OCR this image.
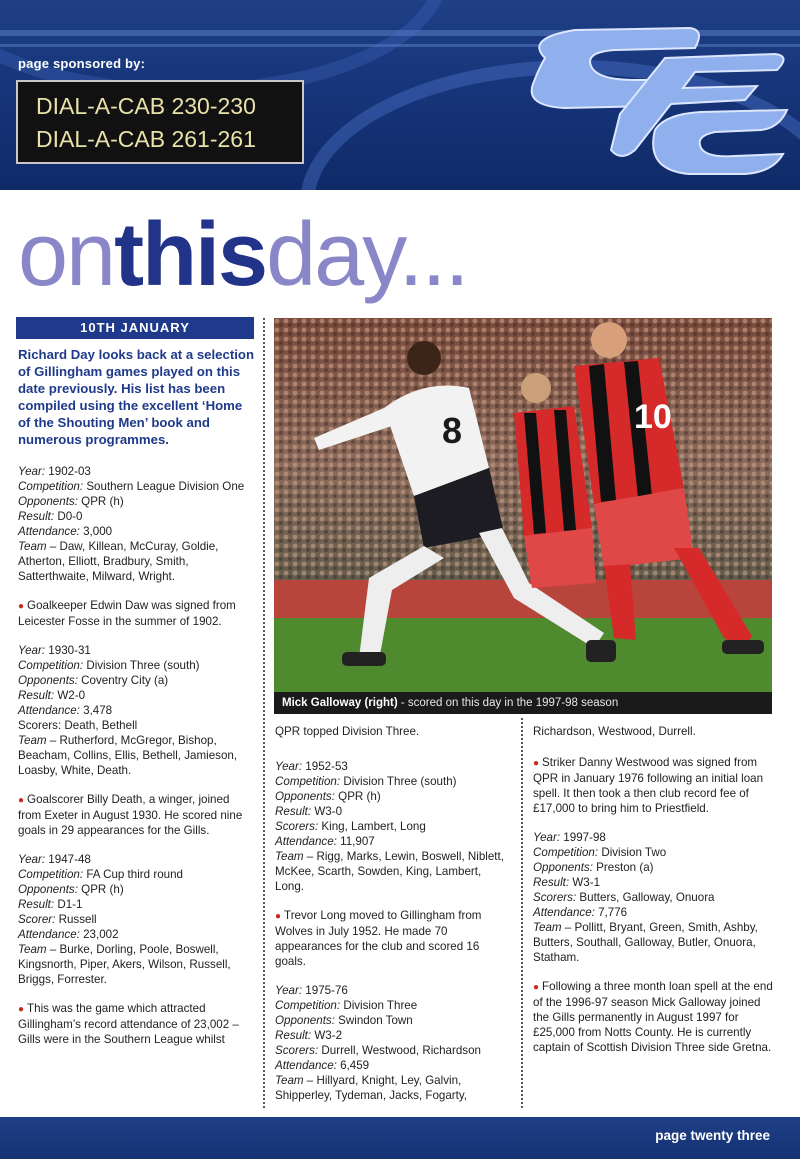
page sponsored by:
DIAL-A-CAB 230-230
DIAL-A-CAB 261-261
onthisday...
10TH JANUARY

Richard Day looks back at a selection of Gillingham games played on this date previously. His list has been compiled using the excellent ‘Home of the Shouting Men’ book and numerous programmes.

Year: 1902-03
Competition: Southern League Division One
Opponents: QPR (h)
Result: D0-0
Attendance: 3,000
Team – Daw, Killean, McCuray, Goldie, Atherton, Elliott, Bradbury, Smith, Satterthwaite, Milward, Wright.

● Goalkeeper Edwin Daw was signed from Leicester Fosse in the summer of 1902.

Year: 1930-31
Competition: Division Three (south)
Opponents: Coventry City (a)
Result: W2-0
Attendance: 3,478
Scorers: Death, Bethell
Team – Rutherford, McGregor, Bishop, Beacham, Collins, Ellis, Bethell, Jamieson, Loasby, White, Death.

● Goalscorer Billy Death, a winger, joined from Exeter in August 1930. He scored nine goals in 29 appearances for the Gills.

Year: 1947-48
Competition: FA Cup third round
Opponents: QPR (h)
Result: D1-1
Scorer: Russell
Attendance: 23,002
Team – Burke, Dorling, Poole, Boswell, Kingsnorth, Piper, Akers, Wilson, Russell, Briggs, Forrester.

● This was the game which attracted Gillingham’s record attendance of 23,002 – Gills were in the Southern League whilst

8	10
Mick Galloway (right) - scored on this day in the 1997-98 season

QPR topped Division Three.

Year: 1952-53
Competition: Division Three (south)
Opponents: QPR (h)
Result: W3-0
Scorers: King, Lambert, Long
Attendance: 11,907
Team – Rigg, Marks, Lewin, Boswell, Niblett, McKee, Scarth, Sowden, King, Lambert, Long.

● Trevor Long moved to Gillingham from Wolves in July 1952. He made 70 appearances for the club and scored 16 goals.

Year: 1975-76
Competition: Division Three
Opponents: Swindon Town
Result: W3-2
Scorers: Durrell, Westwood, Richardson
Attendance: 6,459
Team – Hillyard, Knight, Ley, Galvin, Shipperley, Tydeman, Jacks, Fogarty,

Richardson, Westwood, Durrell.

● Striker Danny Westwood was signed from QPR in January 1976 following an initial loan spell. It then took a then club record fee of £17,000 to bring him to Priestfield.

Year: 1997-98
Competition: Division Two
Opponents: Preston (a)
Result: W3-1
Scorers: Butters, Galloway, Onuora
Attendance: 7,776
Team – Pollitt, Bryant, Green, Smith, Ashby, Butters, Southall, Galloway, Butler, Onuora, Statham.

● Following a three month loan spell at the end of the 1996-97 season Mick Galloway joined the Gills permanently in August 1997 for £25,000 from Notts County. He is currently captain of Scottish Division Three side Gretna.

page twenty three
